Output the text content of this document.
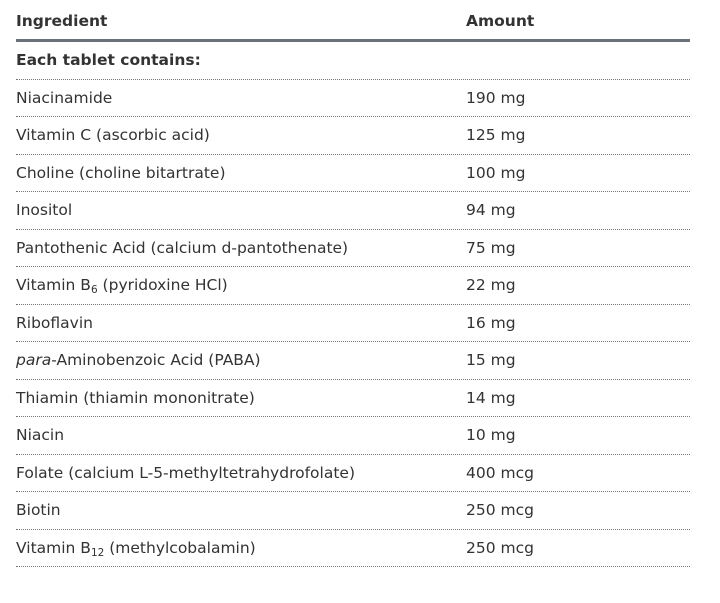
Ingredient	Amount
Each tablet contains:
Niacinamide	190 mg
Vitamin C (ascorbic acid)	125 mg
Choline (choline bitartrate)	100 mg
Inositol	94 mg
Pantothenic Acid (calcium d-pantothenate)	75 mg
Vitamin $B_6$ (pyridoxine HCl)	22 mg
Riboflavin	16 mg
para-Aminobenzoic Acid (PABA)	15 mg
Thiamin (thiamin mononitrate)	14 mg
Niacin	10 mg
Folate (calcium L-5-methyltetrahydrofolate)	400 mcg
Biotin	250 mcg
Vitamin $B_{12}$ (methylcobalamin)	250 mcg
